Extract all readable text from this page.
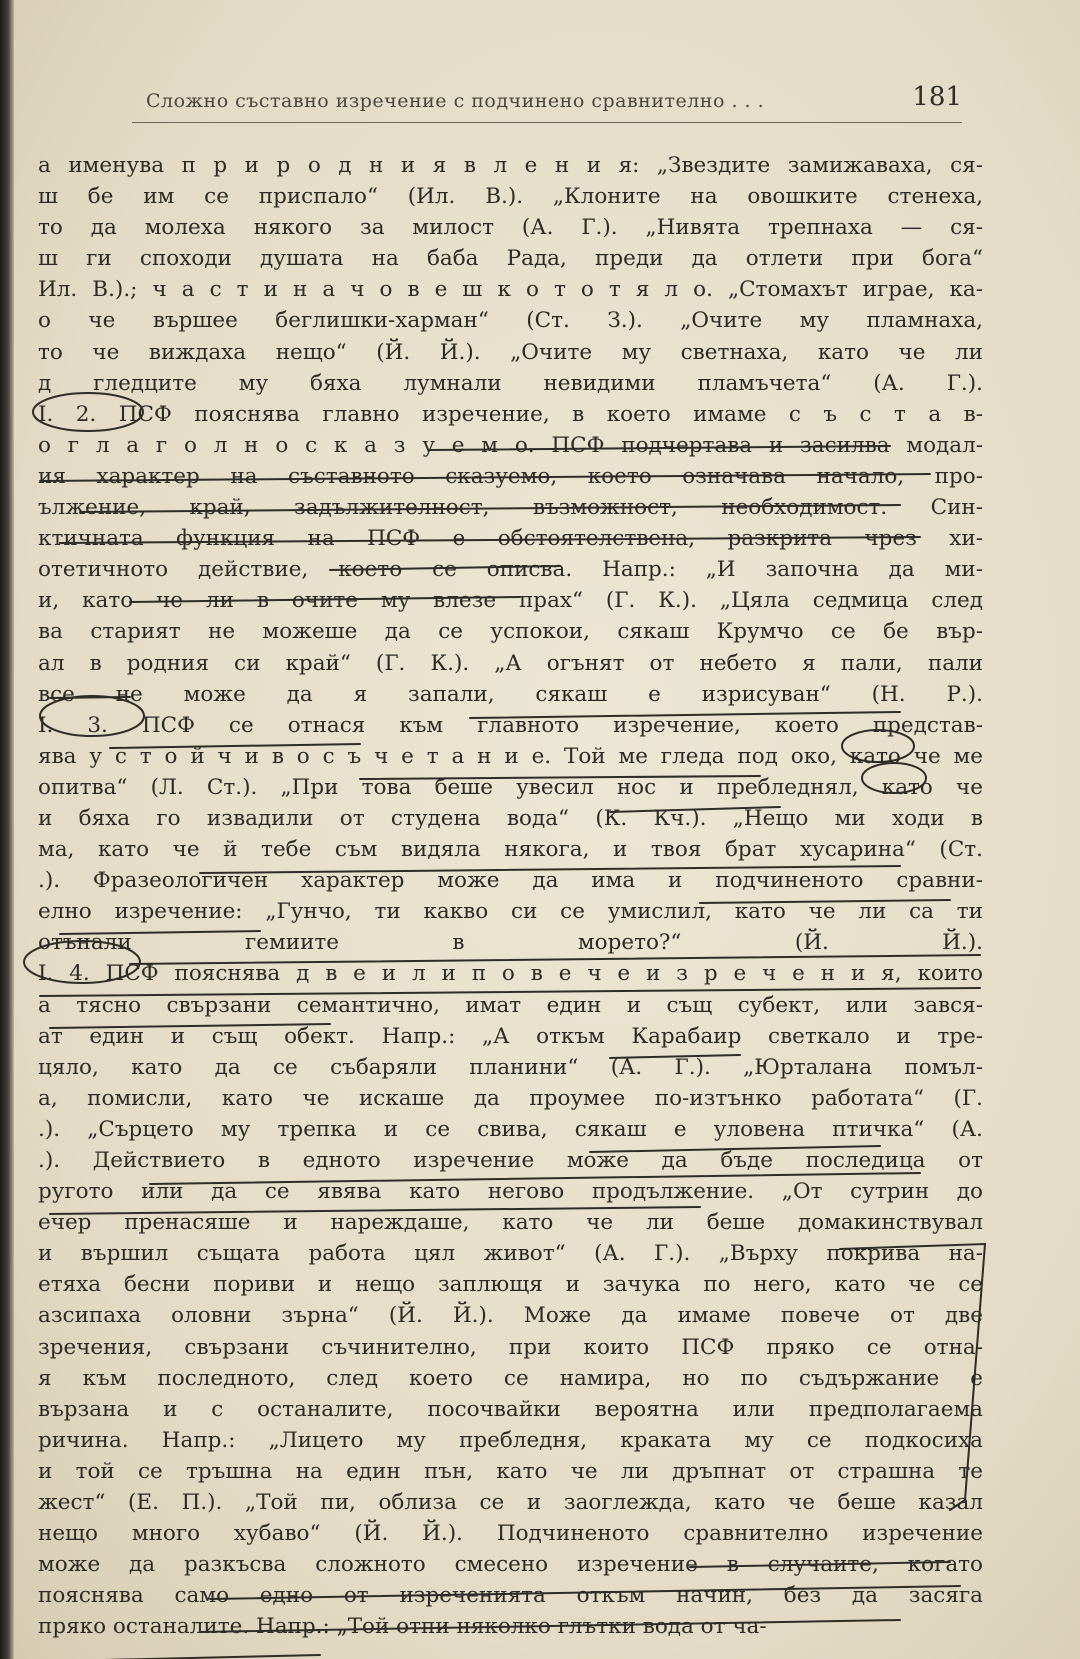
Сложно съставно изречение с подчинено сравнително . . .	181
а именува п р и р о д н и я в л е н и я: „Звездите замижаваха, ся-
ш бе им се приспало“ (Ил. В.). „Клоните на овошките стенеха,
то да молеха някого за милост (А. Г.). „Нивята трепнаха — ся-
ш ги споходи душата на баба Рада, преди да отлети при бога“
Ил. В.).; ч а с т и н а ч о в е ш к о т о т я л о. „Стомахът играе, ка-
о че вършее беглишки-харман“ (Ст. З.). „Очите му пламнаха,
то че виждаха нещо“ (Й. Й.). „Очите му светнаха, като че ли
д гледците му бяха лумнали невидими пламъчета“ (А. Г.).
I. 2. ПСФ пояснява главно изречение, в което имаме с ъ с т а в-
о г л а г о л н о с к а з у е м о. ПСФ подчертава и засилва модал-
ия характер на съставното сказуемо, което означава начало, про-
ължение, край, задължителност, възможност, необходимост. Син-
ктичната функция на ПСФ е обстоятелствена, разкрита чрез хи-
отетичното действие, което се описва. Напр.: „И започна да ми-
и, като че ли в очите му влезе прах“ (Г. К.). „Цяла седмица след
ва старият не можеше да се успокои, сякаш Крумчо се бе вър-
ал в родния си край“ (Г. К.). „А огънят от небето я пали, пали
все не може да я запали, сякаш е изрисуван“ (Н. Р.).
I. 3. ПСФ се отнася към главното изречение, което представ-
ява у с т о й ч и в о с ъ ч е т а н и е. Той ме гледа под око, като че ме
опитва“ (Л. Ст.). „При това беше увесил нос и пребледнял, като че
и бяха го извадили от студена вода“ (К. Кч.). „Нещо ми ходи в
ма, като че й тебе съм видяла някога, и твоя брат хусарина“ (Ст.
.). Фразеологичен характер може да има и подчиненото сравни-
елно изречение: „Гунчо, ти какво си се умислил, като че ли са ти
отънали гемиите в морето?“ (Й. Й.).
I. 4. ПСФ пояснява д в е и л и п о в е ч е и з р е ч е н и я, които
а тясно свързани семантично, имат един и същ субект, или зався-
ат един и същ обект. Напр.: „А откъм Карабаир светкало и тре-
цяло, като да се събаряли планини“ (А. Г.). „Юрталана помъл-
а, помисли, като че искаше да проумее по-изтънко работата“ (Г.
.). „Сърцето му трепка и се свива, сякаш е уловена птичка“ (А.
.). Действието в едното изречение може да бъде последица от
ругото или да се явява като негово продължение. „От сутрин до
ечер пренасяше и нареждаше, като че ли беше домакинствувал
и вършил същата работа цял живот“ (А. Г.). „Върху покрива на-
етяха бесни пориви и нещо заплющя и зачука по него, като че се
азсипаха оловни зърна“ (Й. Й.). Може да имаме повече от две
зречения, свързани съчинително, при които ПСФ пряко се отна-
я към последното, след което се намира, но по съдържание е
вързана и с останалите, посочвайки вероятна или предполагаема
ричина. Напр.: „Лицето му пребледня, краката му се подкосиха
и той се тръшна на един пън, като че ли дръпнат от страшна те
жест“ (Е. П.). „Той пи, облиза се и заоглежда, като че беше казал
нещо много хубаво“ (Й. Й.). Подчиненото сравнително изречение
може да разкъсва сложното смесено изречение в случаите, когато
пояснява само едно от изреченията откъм начин, без да засяга
пряко останалите. Напр.: „Той отпи няколко глътки вода от ча-
